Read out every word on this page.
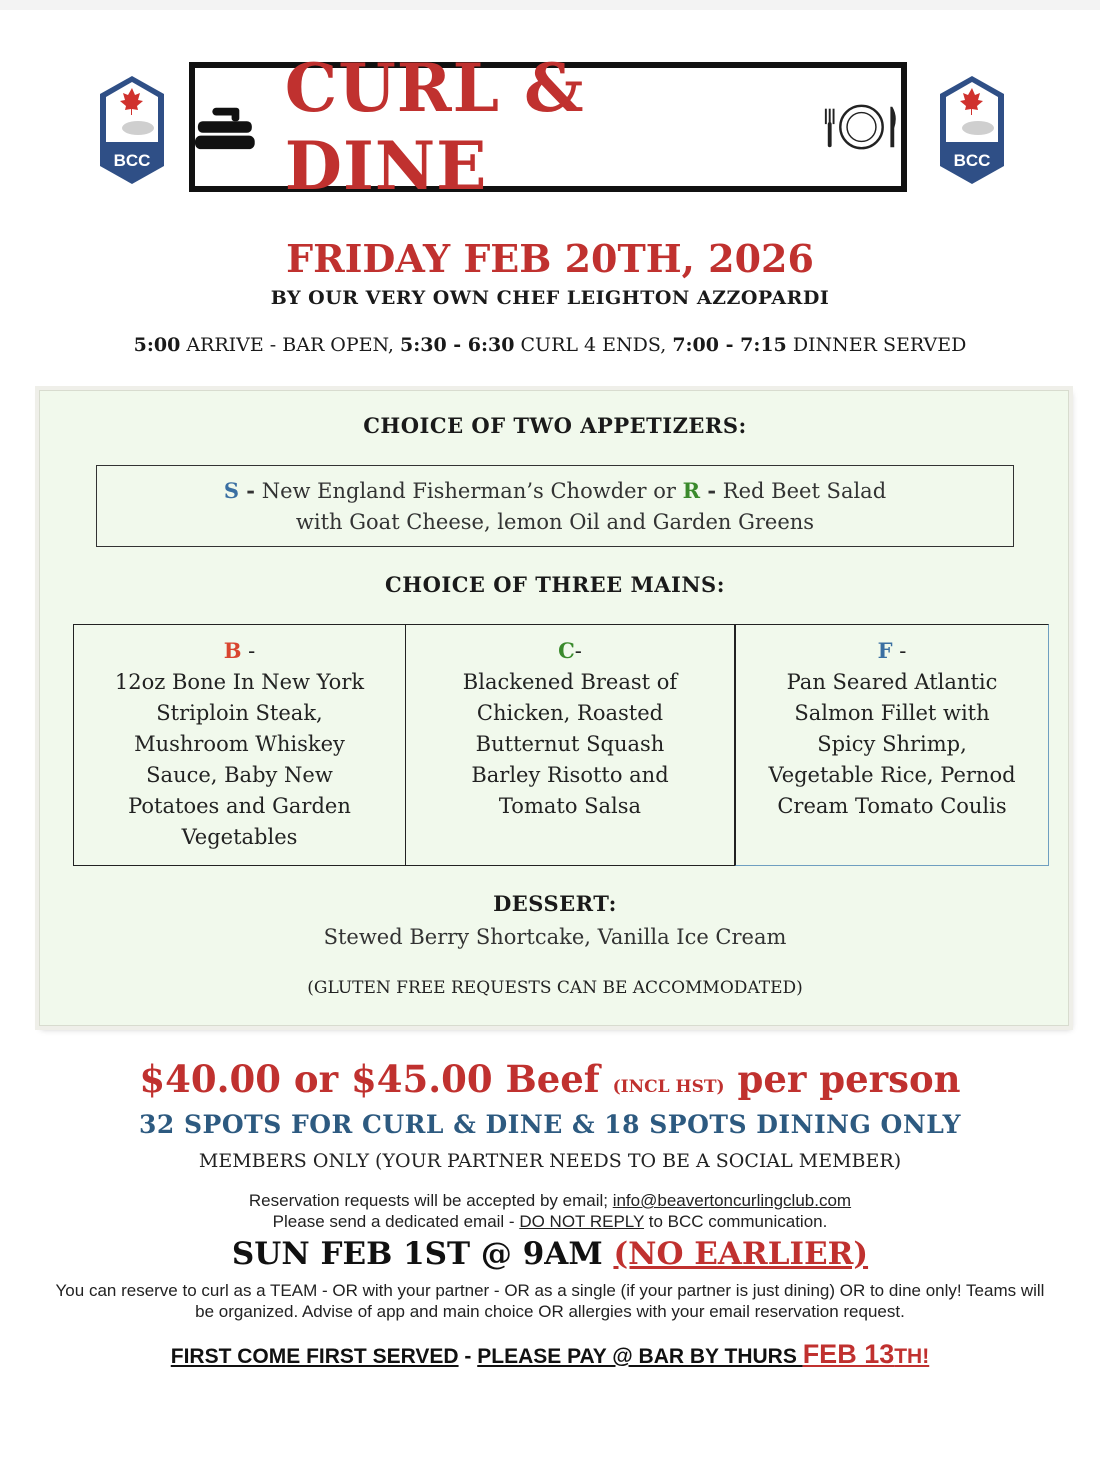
BCC
CURL & DINE	BCC
FRIDAY FEB 20TH, 2026
BY OUR VERY OWN CHEF LEIGHTON AZZOPARDI
5:00 ARRIVE - BAR OPEN, 5:30 - 6:30 CURL 4 ENDS, 7:00 - 7:15 DINNER SERVED
CHOICE OF TWO APPETIZERS:
S - New England Fisherman’s Chowder or R - Red Beet Salad
with Goat Cheese, lemon Oil and Garden Greens
CHOICE OF THREE MAINS:
B -
12oz Bone In New York
Striploin Steak,
Mushroom Whiskey
Sauce, Baby New
Potatoes and Garden
Vegetables
C-
Blackened Breast of
Chicken, Roasted
Butternut Squash
Barley Risotto and
Tomato Salsa
F -
Pan Seared Atlantic
Salmon Fillet with
Spicy Shrimp,
Vegetable Rice, Pernod
Cream Tomato Coulis
DESSERT:
Stewed Berry Shortcake, Vanilla Ice Cream
(GLUTEN FREE REQUESTS CAN BE ACCOMMODATED)
$40.00 or $45.00 Beef (INCL HST) per person
32 SPOTS FOR CURL & DINE & 18 SPOTS DINING ONLY
MEMBERS ONLY (YOUR PARTNER NEEDS TO BE A SOCIAL MEMBER)
Reservation requests will be accepted by email; info@beavertoncurlingclub.com
Please send a dedicated email - DO NOT REPLY to BCC communication.
SUN FEB 1ST @ 9AM (NO EARLIER)
You can reserve to curl as a TEAM - OR with your partner - OR as a single (if your partner is just dining) OR to dine only! Teams will be organized. Advise of app and main choice OR allergies with your email reservation request.
FIRST COME FIRST SERVED - PLEASE PAY @ BAR BY THURS FEB 13TH!
